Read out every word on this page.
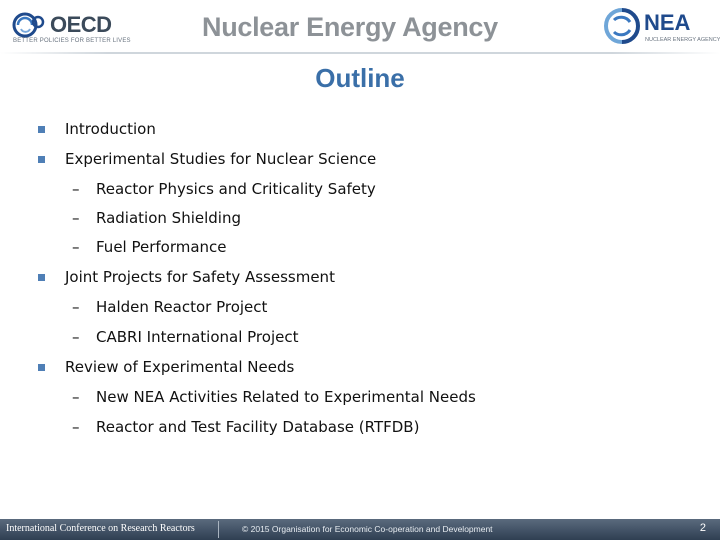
OECD
BETTER POLICIES FOR BETTER LIVES	Nuclear Energy Agency	NEA
NUCLEAR ENERGY AGENCY
Outline
Introduction
Experimental Studies for Nuclear Science
– Reactor Physics and Criticality Safety
– Radiation Shielding
– Fuel Performance
Joint Projects for Safety Assessment
– Halden Reactor Project
– CABRI International Project
Review of Experimental Needs
– New NEA Activities Related to Experimental Needs
– Reactor and Test Facility Database (RTFDB)
International Conference on Research Reactors	© 2015 Organisation for Economic Co-operation and Development	2
